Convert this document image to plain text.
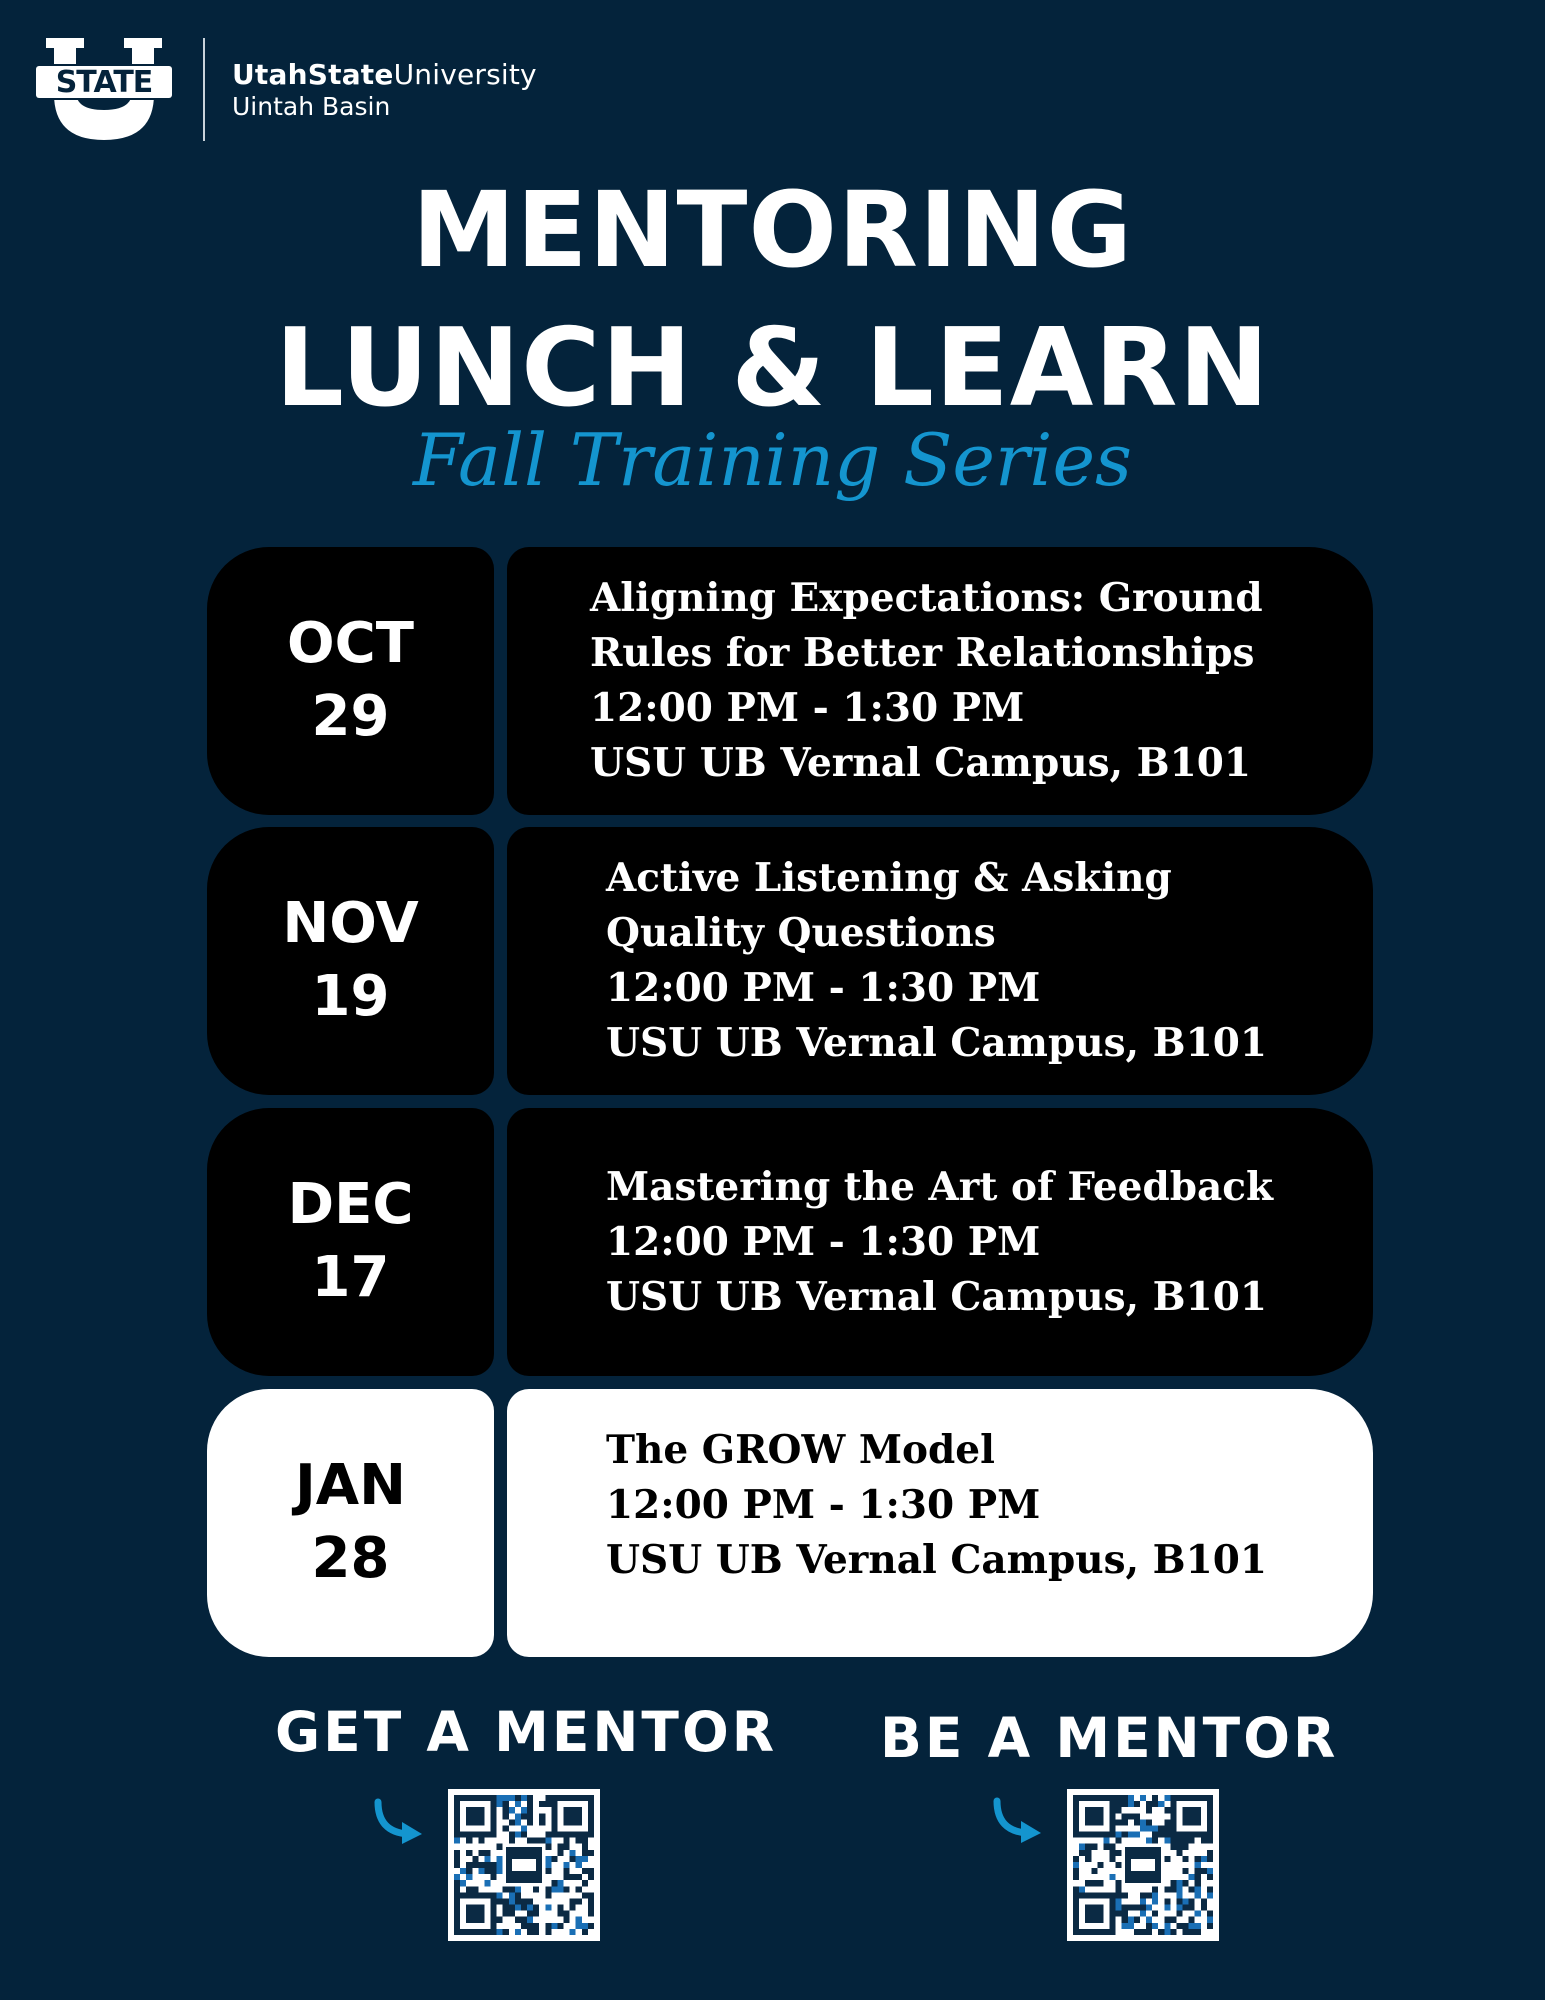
STATE	UtahStateUniversity
Uintah Basin
MENTORING
LUNCH & LEARN
Fall Training Series
OCT
29
Aligning Expectations: Ground
Rules for Better Relationships
12:00 PM - 1:30 PM
USU UB Vernal Campus, B101
NOV
19
Active Listening & Asking
Quality Questions
12:00 PM - 1:30 PM
USU UB Vernal Campus, B101
DEC
17
Mastering the Art of Feedback
12:00 PM - 1:30 PM
USU UB Vernal Campus, B101
JAN
28
The GROW Model
12:00 PM - 1:30 PM
USU UB Vernal Campus, B101
GET A MENTOR BE A MENTOR
